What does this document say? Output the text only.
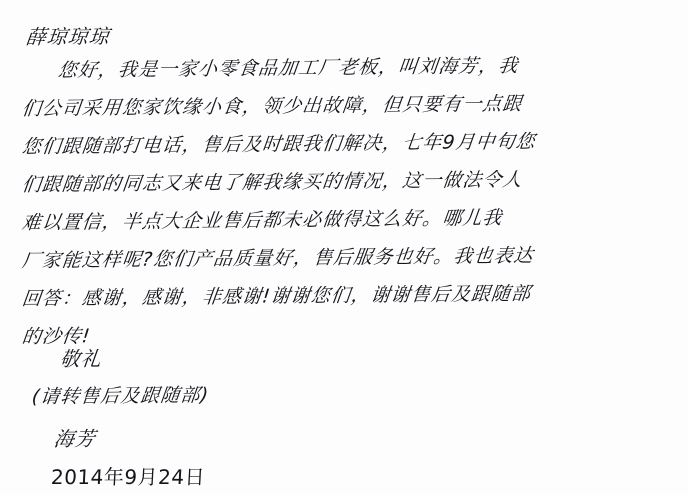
薛琼琼琼
您好，我是一家小零食品加工厂老板，叫刘海芳，我
们公司采用您家饮缘小食，领少出故障，但只要有一点跟
您们跟随部打电话，售后及时跟我们解决，七年9月中旬您
们跟随部的同志又来电了解我缘买的情况，这一做法令人
难以置信，半点大企业售后都未必做得这么好。哪儿我
厂家能这样呢?您们产品质量好，售后服务也好。我也表达
回答：感谢，感谢，非感谢!谢谢您们，谢谢售后及跟随部
的沙传!
敬礼
(请转售后及跟随部)
海芳
2014年9月24日
